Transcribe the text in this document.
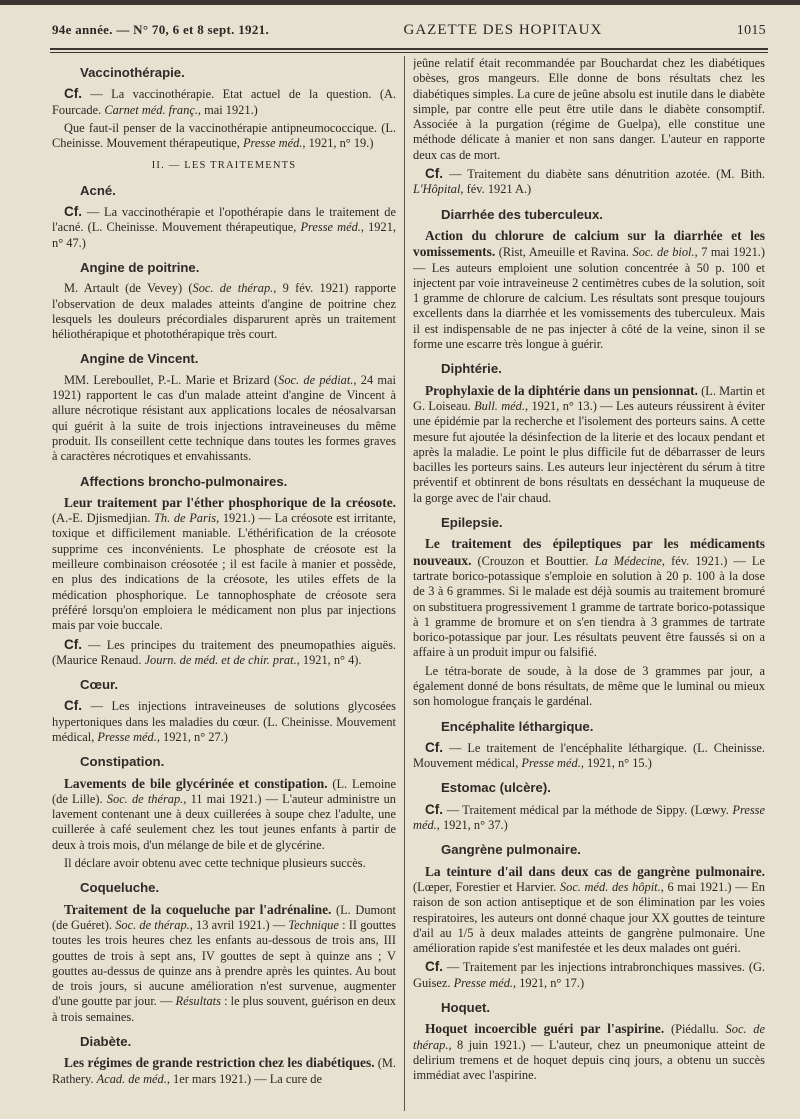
94e année. — N° 70, 6 et 8 sept. 1921.	GAZETTE DES HOPITAUX	1015
Vaccinothérapie.

Cf. — La vaccinothérapie. Etat actuel de la question. (A. Fourcade. Carnet méd. franç., mai 1921.)

Que faut-il penser de la vaccinothérapie antipneumococcique. (L. Cheinisse. Mouvement thérapeutique, Presse méd., 1921, n° 19.)

II. — LES TRAITEMENTS
Acné.

Cf. — La vaccinothérapie et l'opothérapie dans le traitement de l'acné. (L. Cheinisse. Mouvement thérapeutique, Presse méd., 1921, n° 47.)

Angine de poitrine.

M. Artault (de Vevey) (Soc. de thérap., 9 fév. 1921) rapporte l'observation de deux malades atteints d'angine de poitrine chez lesquels les douleurs précordiales disparurent après un traitement héliothérapique et photothérapique très court.

Angine de Vincent.

MM. Lereboullet, P.-L. Marie et Brizard (Soc. de pédiat., 24 mai 1921) rapportent le cas d'un malade atteint d'angine de Vincent à allure nécrotique résistant aux applications locales de néosalvarsan qui guérit à la suite de trois injections intraveineuses du même produit. Ils conseillent cette technique dans toutes les formes graves à caractères nécrotiques et envahissants.

Affections broncho-pulmonaires.

Leur traitement par l'éther phosphorique de la créosote. (A.-E. Djismedjian. Th. de Paris, 1921.) — La créosote est irritante, toxique et difficilement maniable. L'éthérification de la créosote supprime ces inconvénients. Le phosphate de créosote est la meilleure combinaison créosotée ; il est facile à manier et possède, en plus des indications de la créosote, les utiles effets de la médication phosphorique. Le tannophosphate de créosote sera préféré lorsqu'on emploiera le médicament non plus par injections mais par voie buccale.

Cf. — Les principes du traitement des pneumopathies aiguës. (Maurice Renaud. Journ. de méd. et de chir. prat., 1921, n° 4).

Cœur.

Cf. — Les injections intraveineuses de solutions glycosées hypertoniques dans les maladies du cœur. (L. Cheinisse. Mouvement médical, Presse méd., 1921, n° 27.)

Constipation.

Lavements de bile glycérinée et constipation. (L. Lemoine (de Lille). Soc. de thérap., 11 mai 1921.) — L'auteur administre un lavement contenant une à deux cuillerées à soupe chez l'adulte, une cuillerée à café seulement chez les tout jeunes enfants à partir de deux à trois mois, d'un mélange de bile et de glycérine.

Il déclare avoir obtenu avec cette technique plusieurs succès.

Coqueluche.

Traitement de la coqueluche par l'adrénaline. (L. Dumont (de Guéret). Soc. de thérap., 13 avril 1921.) — Technique : II gouttes toutes les trois heures chez les enfants au-dessous de trois ans, III gouttes de trois à sept ans, IV gouttes de sept à quinze ans ; V gouttes au-dessus de quinze ans à prendre après les quintes. Au bout de trois jours, si aucune amélioration n'est survenue, augmenter d'une goutte par jour. — Résultats : le plus souvent, guérison en deux à trois semaines.

Diabète.

Les régimes de grande restriction chez les diabétiques. (M. Rathery. Acad. de méd., 1er mars 1921.) — La cure de

jeûne relatif était recommandée par Bouchardat chez les diabétiques obèses, gros mangeurs. Elle donne de bons résultats chez les diabétiques simples. La cure de jeûne absolu est inutile dans le diabète simple, par contre elle peut être utile dans le diabète consomptif. Associée à la purgation (régime de Guelpa), elle constitue une méthode délicate à manier et non sans danger. L'auteur en rapporte deux cas de mort.

Cf. — Traitement du diabète sans dénutrition azotée. (M. Bith. L'Hôpital, fév. 1921 A.)

Diarrhée des tuberculeux.

Action du chlorure de calcium sur la diarrhée et les vomissements. (Rist, Ameuille et Ravina. Soc. de biol., 7 mai 1921.) — Les auteurs emploient une solution concentrée à 50 p. 100 et injectent par voie intraveineuse 2 centimètres cubes de la solution, soit 1 gramme de chlorure de calcium. Les résultats sont presque toujours excellents dans la diarrhée et les vomissements des tuberculeux. Mais il est indispensable de ne pas injecter à côté de la veine, sinon il se forme une escarre très longue à guérir.

Diphtérie.

Prophylaxie de la diphtérie dans un pensionnat. (L. Martin et G. Loiseau. Bull. méd., 1921, n° 13.) — Les auteurs réussirent à éviter une épidémie par la recherche et l'isolement des porteurs sains. A cette mesure fut ajoutée la désinfection de la literie et des locaux pendant et après la maladie. Le point le plus difficile fut de débarrasser de leurs bacilles les porteurs sains. Les auteurs leur injectèrent du sérum à titre préventif et obtinrent de bons résultats en desséchant la muqueuse de la gorge avec de l'air chaud.

Epilepsie.

Le traitement des épileptiques par les médicaments nouveaux. (Crouzon et Bouttier. La Médecine, fév. 1921.) — Le tartrate borico-potassique s'emploie en solution à 20 p. 100 à la dose de 3 à 6 grammes. Si le malade est déjà soumis au traitement bromuré on substituera progressivement 1 gramme de tartrate borico-potassique à 1 gramme de bromure et on s'en tiendra à 3 grammes de tartrate borico-potassique par jour. Les résultats peuvent être faussés si on a affaire à un produit impur ou falsifié.

Le tétra-borate de soude, à la dose de 3 grammes par jour, a également donné de bons résultats, de même que le luminal ou mieux son homologue français le gardénal.

Encéphalite léthargique.

Cf. — Le traitement de l'encéphalite léthargique. (L. Cheinisse. Mouvement médical, Presse méd., 1921, n° 15.)

Estomac (ulcère).

Cf. — Traitement médical par la méthode de Sippy. (Lœwy. Presse méd., 1921, n° 37.)

Gangrène pulmonaire.

La teinture d'ail dans deux cas de gangrène pulmonaire. (Lœper, Forestier et Harvier. Soc. méd. des hôpit., 6 mai 1921.) — En raison de son action antiseptique et de son élimination par les voies respiratoires, les auteurs ont donné chaque jour XX gouttes de teinture d'ail au 1/5 à deux malades atteints de gangrène pulmonaire. Une amélioration rapide s'est manifestée et les deux malades ont guéri.

Cf. — Traitement par les injections intrabronchiques massives. (G. Guisez. Presse méd., 1921, n° 17.)

Hoquet.

Hoquet incoercible guéri par l'aspirine. (Piédallu. Soc. de thérap., 8 juin 1921.) — L'auteur, chez un pneumonique atteint de delirium tremens et de hoquet depuis cinq jours, a obtenu un succès immédiat avec l'aspirine.
